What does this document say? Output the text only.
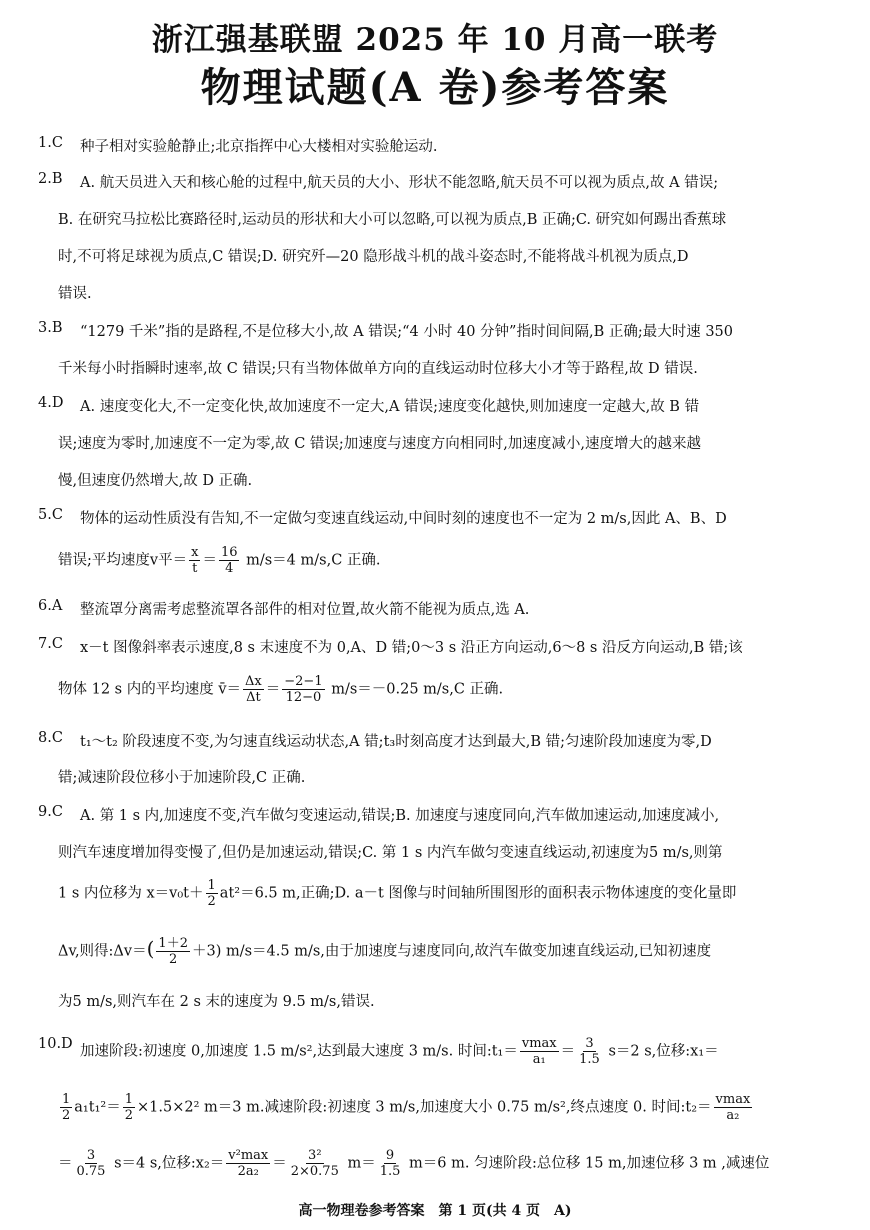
浙江强基联盟 2025 年 10 月高一联考
物理试题(A 卷)参考答案
1.C 种子相对实验舱静止;北京指挥中心大楼相对实验舱运动.
2.B A. 航天员进入天和核心舱的过程中,航天员的大小、形状不能忽略,航天员不可以视为质点,故 A 错误;
B. 在研究马拉松比赛路径时,运动员的形状和大小可以忽略,可以视为质点,B 正确;C. 研究如何踢出香蕉球
时,不可将足球视为质点,C 错误;D. 研究歼—20 隐形战斗机的战斗姿态时,不能将战斗机视为质点,D
错误.
3.B “1279 千米”指的是路程,不是位移大小,故 A 错误;“4 小时 40 分钟”指时间间隔,B 正确;最大时速 350
千米每小时指瞬时速率,故 C 错误;只有当物体做单方向的直线运动时位移大小才等于路程,故 D 错误.
4.D A. 速度变化大,不一定变化快,故加速度不一定大,A 错误;速度变化越快,则加速度一定越大,故 B 错
误;速度为零时,加速度不一定为零,故 C 错误;加速度与速度方向相同时,加速度减小,速度增大的越来越
慢,但速度仍然增大,故 D 正确.
5.C 物体的运动性质没有告知,不一定做匀变速直线运动,中间时刻的速度也不一定为 2 m/s,因此 A、B、D
错误;平均速度v平＝ $\frac{x}{t} = \frac{16}{4} m/s=4$ m/s,C 正确.
6.A 整流罩分离需考虑整流罩各部件的相对位置,故火箭不能视为质点,选 A.
7.C x－t 图像斜率表示速度,8 s 末速度不为 0,A、D 错;0～3 s 沿正方向运动,6～8 s 沿反方向运动,B 错;该
物体 12 s 内的平均速度 v̄＝ $\frac{\Delta x}{\Delta t} = \frac{-2-1}{12-0} m/s=-0.25$ m/s,C 正确.
8.C t₁～t₂ 阶段速度不变,为匀速直线运动状态,A 错;t₃时刻高度才达到最大,B 错;匀速阶段加速度为零,D
错;减速阶段位移小于加速阶段,C 正确.
9.C A. 第 1 s 内,加速度不变,汽车做匀变速运动,错误;B. 加速度与速度同向,汽车做加速运动,加速度减小,
则汽车速度增加得变慢了,但仍是加速运动,错误;C. 第 1 s 内汽车做匀变速直线运动,初速度为5 m/s,则第
1 s 内位移为 $x=v_0t+ \frac{1}{2} at^2=6.5$ m,正确;D. a－t 图像与时间轴所围图形的面积表示物体速度的变化量即
Δv,则得:Δv＝( $\frac{1+2}{2} +3$) m/s＝4.5 m/s,由于加速度与速度同向,故汽车做变加速直线运动,已知初速度
为5 m/s,则汽车在 2 s 末的速度为 9.5 m/s,错误.
10.D 加速阶段:初速度 0,加速度 1.5 m/s²,达到最大速度 3 m/s. 时间:t₁＝ $\frac{vmax}{\text{a₁}} = \frac{3}{1.5} s=2$ s,位移:x₁＝
$\frac{1}{2} a_1t_1^2= \frac{1}{2} \times 1.5\times 2^2$ m＝3 m.减速阶段:初速度 3 m/s,加速度大小 0.75 m/s²,终点速度 0. 时间:t₂＝ $\frac{vmax}{\text{a₂}}$
＝ $\frac{3}{0.75} s=4$ s,位移:x₂＝ $\frac{\text{v²max}}{\text{2a₂}} = \frac{\text{3²}}{2\times 0.75} m= \frac{9}{1.5} m=6$ m. 匀速阶段:总位移 15 m,加速位移 3 m ,减速位
高一物理卷参考答案　第 1 页(共 4 页　A)
